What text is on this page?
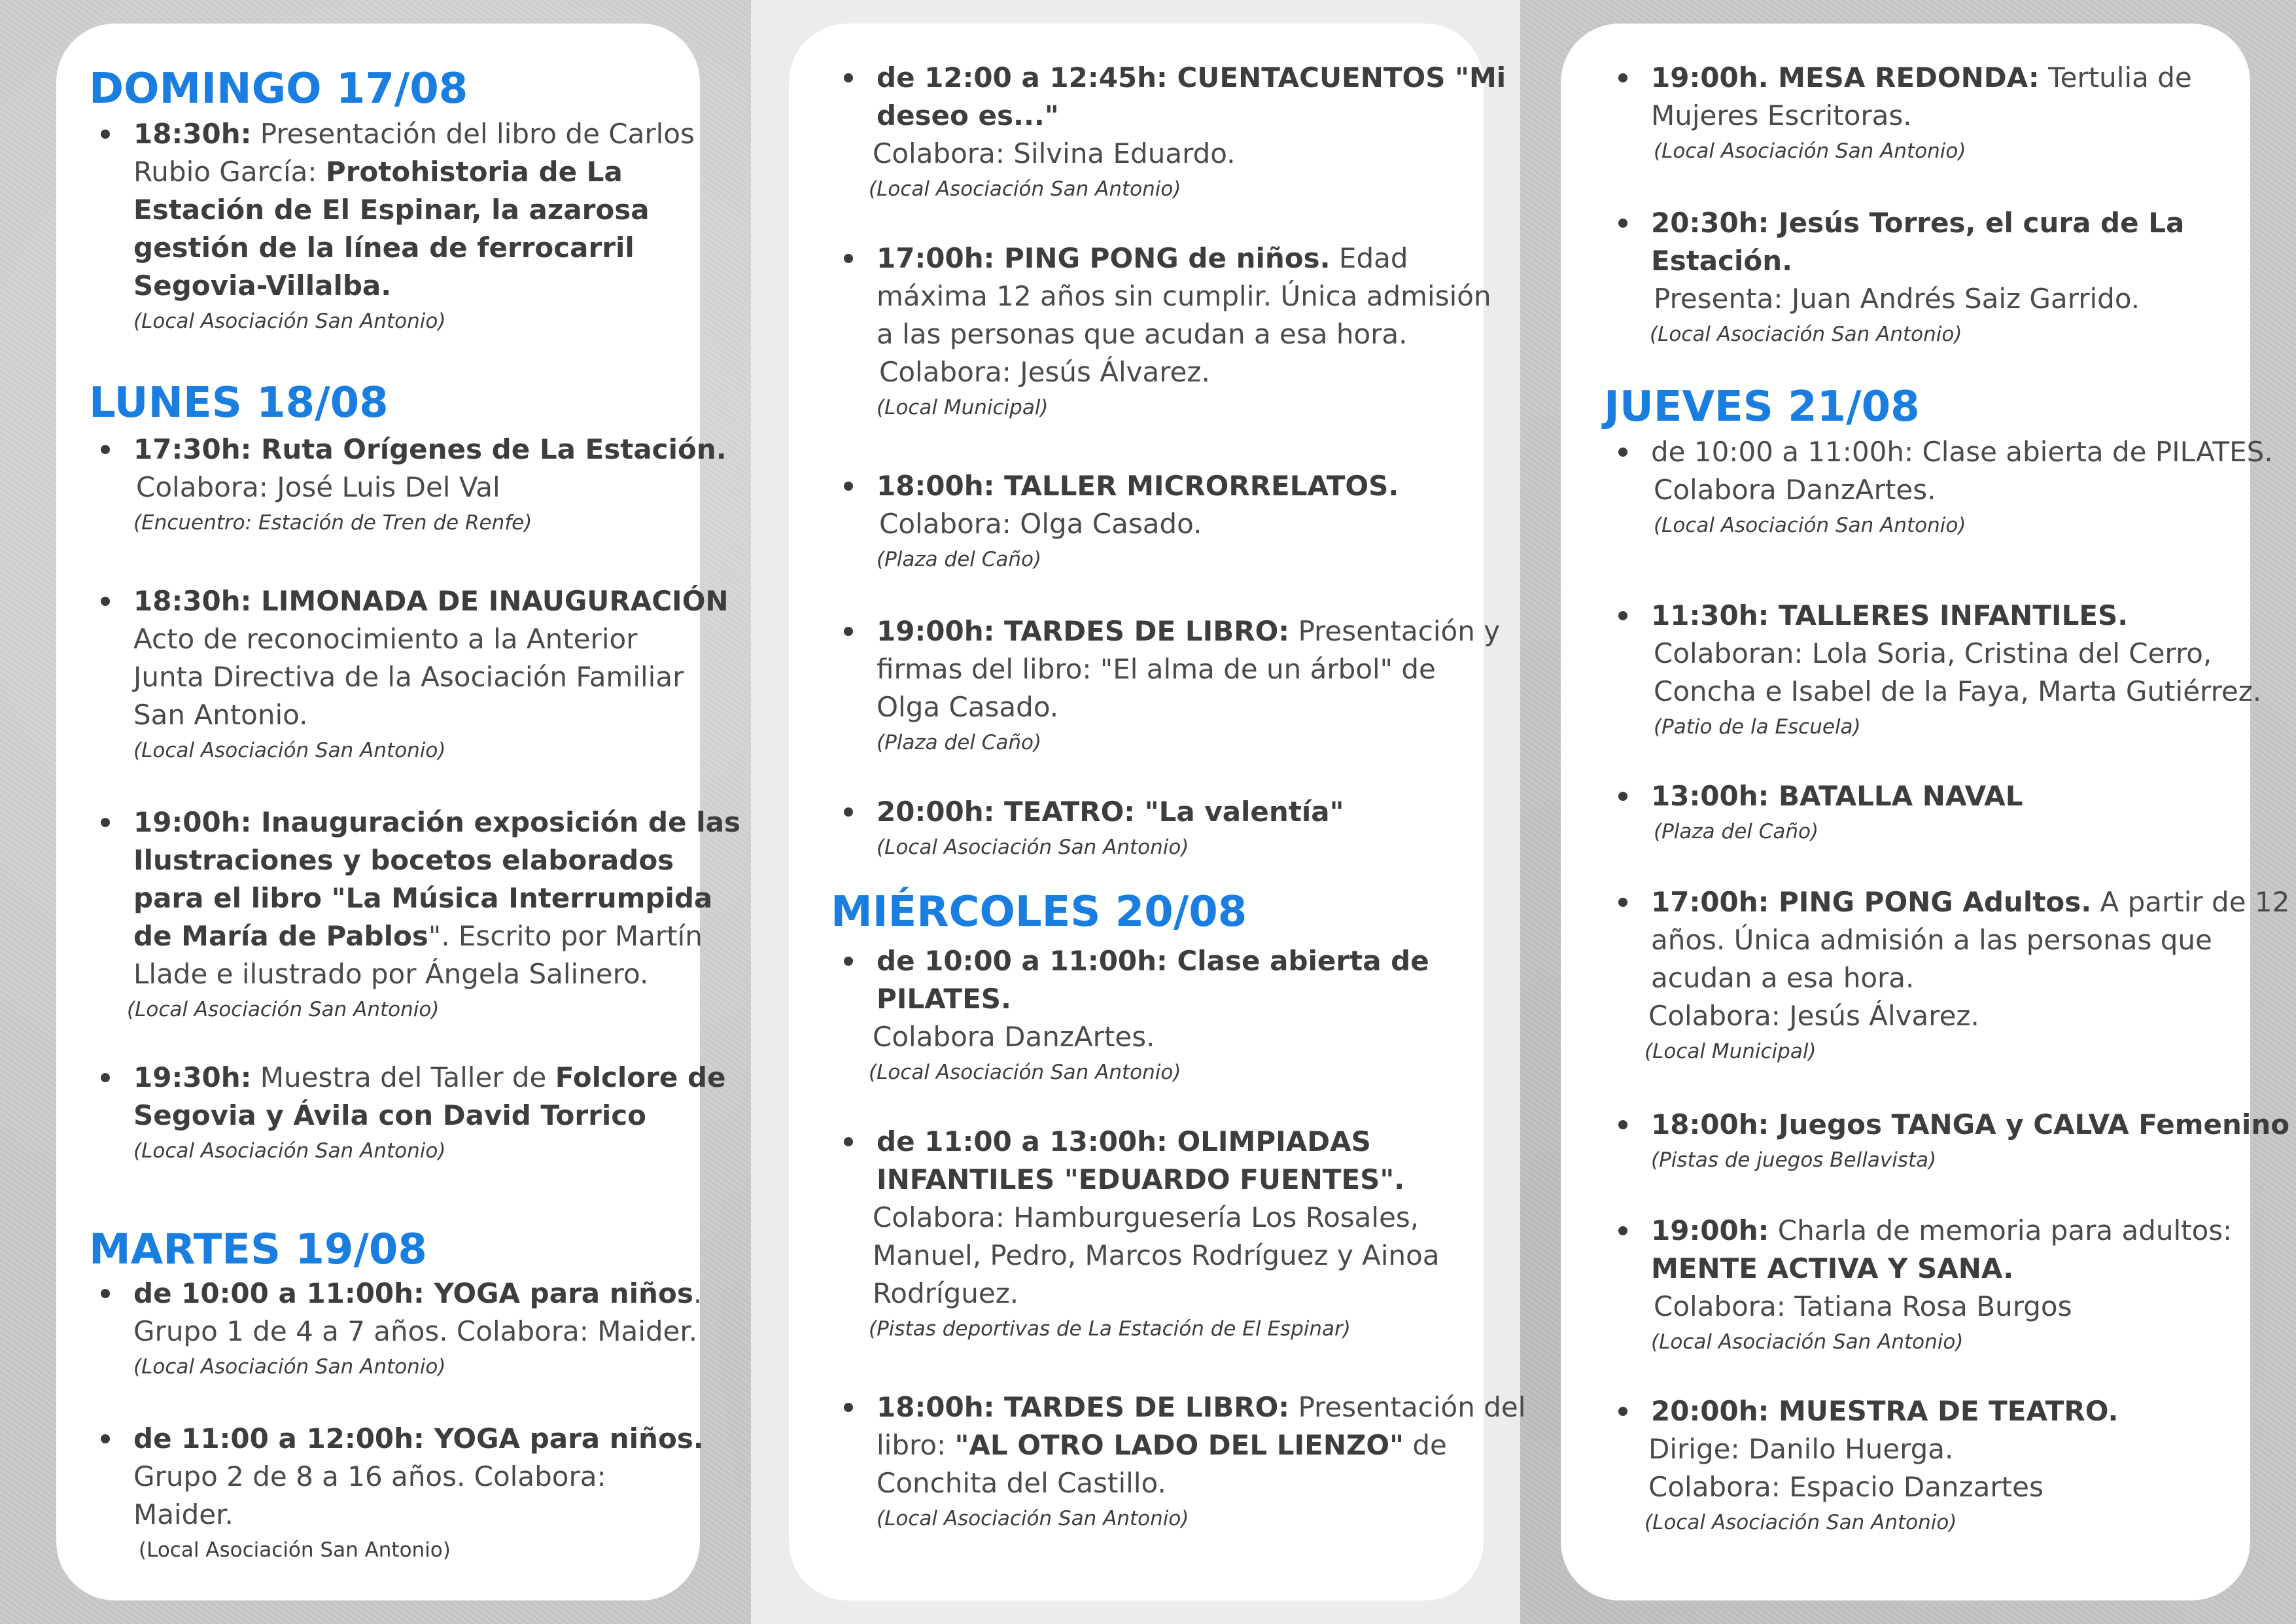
DOMINGO 17/08
18:30h: Presentación del libro de Carlos
Rubio García: Protohistoria de La
Estación de El Espinar, la azarosa
gestión de la línea de ferrocarril
Segovia-Villalba.
(Local Asociación San Antonio)
LUNES 18/08
17:30h: Ruta Orígenes de La Estación.
Colabora: José Luis Del Val
(Encuentro: Estación de Tren de Renfe)
18:30h: LIMONADA DE INAUGURACIÓN
Acto de reconocimiento a la Anterior
Junta Directiva de la Asociación Familiar
San Antonio.
(Local Asociación San Antonio)
19:00h: Inauguración exposición de las
Ilustraciones y bocetos elaborados
para el libro "La Música Interrumpida
de María de Pablos". Escrito por Martín
Llade e ilustrado por Ángela Salinero.
(Local Asociación San Antonio)
19:30h: Muestra del Taller de Folclore de
Segovia y Ávila con David Torrico
(Local Asociación San Antonio)
MARTES 19/08
de 10:00 a 11:00h: YOGA para niños.
Grupo 1 de 4 a 7 años. Colabora: Maider.
(Local Asociación San Antonio)
de 11:00 a 12:00h: YOGA para niños.
Grupo 2 de 8 a 16 años. Colabora:
Maider.
(Local Asociación San Antonio)
de 12:00 a 12:45h: CUENTACUENTOS "Mi
deseo es..."
Colabora: Silvina Eduardo.
(Local Asociación San Antonio)
17:00h: PING PONG de niños. Edad
máxima 12 años sin cumplir. Única admisión
a las personas que acudan a esa hora.
Colabora: Jesús Álvarez.
(Local Municipal)
18:00h: TALLER MICRORRELATOS.
Colabora: Olga Casado.
(Plaza del Caño)
19:00h: TARDES DE LIBRO: Presentación y
firmas del libro: "El alma de un árbol" de
Olga Casado.
(Plaza del Caño)
20:00h: TEATRO: "La valentía"
(Local Asociación San Antonio)
MIÉRCOLES 20/08
de 10:00 a 11:00h: Clase abierta de
PILATES.
Colabora DanzArtes.
(Local Asociación San Antonio)
de 11:00 a 13:00h: OLIMPIADAS
INFANTILES "EDUARDO FUENTES".
Colabora: Hamburguesería Los Rosales,
Manuel, Pedro, Marcos Rodríguez y Ainoa
Rodríguez.
(Pistas deportivas de La Estación de El Espinar)
18:00h: TARDES DE LIBRO: Presentación del
libro: "AL OTRO LADO DEL LIENZO" de
Conchita del Castillo.
(Local Asociación San Antonio)
19:00h. MESA REDONDA: Tertulia de
Mujeres Escritoras.
(Local Asociación San Antonio)
20:30h: Jesús Torres, el cura de La
Estación.
Presenta: Juan Andrés Saiz Garrido.
(Local Asociación San Antonio)
JUEVES 21/08
de 10:00 a 11:00h: Clase abierta de PILATES.
Colabora DanzArtes.
(Local Asociación San Antonio)
11:30h: TALLERES INFANTILES.
Colaboran: Lola Soria, Cristina del Cerro,
Concha e Isabel de la Faya, Marta Gutiérrez.
(Patio de la Escuela)
13:00h: BATALLA NAVAL
(Plaza del Caño)
17:00h: PING PONG Adultos. A partir de 12
años. Única admisión a las personas que
acudan a esa hora.
Colabora: Jesús Álvarez.
(Local Municipal)
18:00h: Juegos TANGA y CALVA Femenino
(Pistas de juegos Bellavista)
19:00h: Charla de memoria para adultos:
MENTE ACTIVA Y SANA.
Colabora: Tatiana Rosa Burgos
(Local Asociación San Antonio)
20:00h: MUESTRA DE TEATRO.
Dirige: Danilo Huerga.
Colabora: Espacio Danzartes
(Local Asociación San Antonio)
